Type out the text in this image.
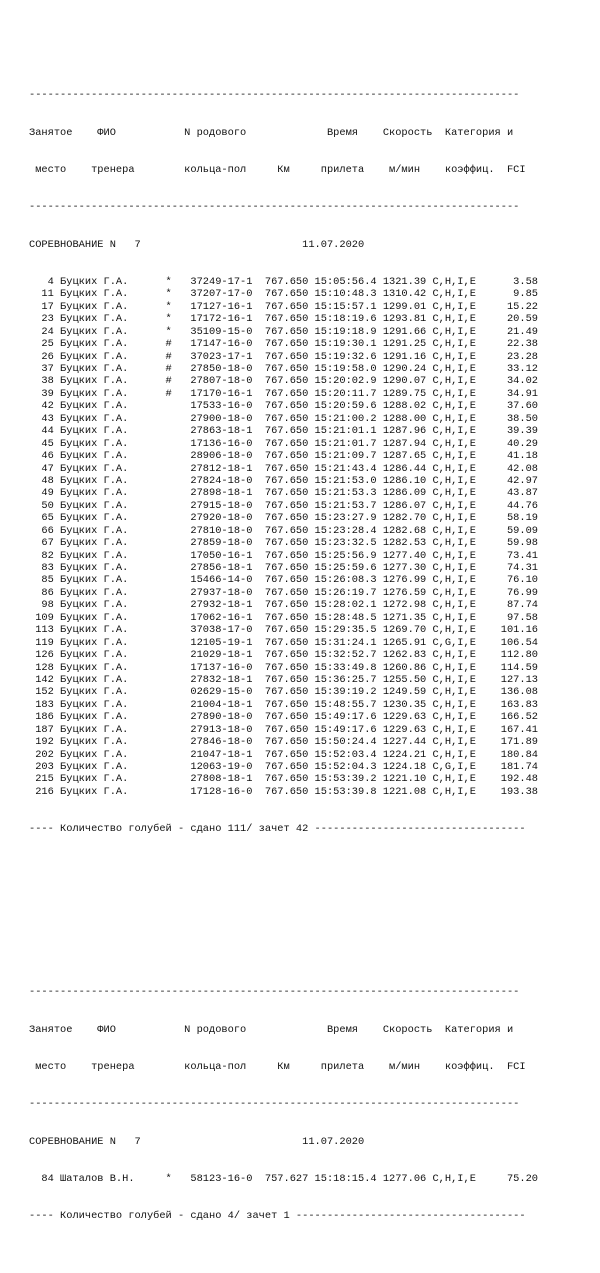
-------------------------------------------------------------------------------

Занятое    ФИО           N родового             Время    Скорость  Категория и

место    тренера        кольца-пол     Км     прилета    м/мин    коэффиц.  FCI

-------------------------------------------------------------------------------

СОРЕВНОВАНИЕ N   7                          11.07.2020

4 Буцких Г.А.      *   37249-17-1  767.650 15:05:56.4 1321.39 С,Н,I,Е      3.58
11 Буцких Г.А.      *   37207-17-0  767.650 15:10:48.3 1310.42 С,Н,I,Е      9.85
17 Буцких Г.А.      *   17127-16-1  767.650 15:15:57.1 1299.01 С,Н,I,Е     15.22
23 Буцких Г.А.      *   17172-16-1  767.650 15:18:19.6 1293.81 С,Н,I,Е     20.59
24 Буцких Г.А.      *   35109-15-0  767.650 15:19:18.9 1291.66 С,Н,I,Е     21.49
25 Буцких Г.А.      #   17147-16-0  767.650 15:19:30.1 1291.25 С,Н,I,Е     22.38
26 Буцких Г.А.      #   37023-17-1  767.650 15:19:32.6 1291.16 С,Н,I,Е     23.28
37 Буцких Г.А.      #   27850-18-0  767.650 15:19:58.0 1290.24 С,Н,I,Е     33.12
38 Буцких Г.А.      #   27807-18-0  767.650 15:20:02.9 1290.07 С,Н,I,Е     34.02
39 Буцких Г.А.      #   17170-16-1  767.650 15:20:11.7 1289.75 С,Н,I,Е     34.91
42 Буцких Г.А.          17533-16-0  767.650 15:20:59.6 1288.02 С,Н,I,Е     37.60
43 Буцких Г.А.          27900-18-0  767.650 15:21:00.2 1288.00 С,Н,I,Е     38.50
44 Буцких Г.А.          27863-18-1  767.650 15:21:01.1 1287.96 С,Н,I,Е     39.39
45 Буцких Г.А.          17136-16-0  767.650 15:21:01.7 1287.94 С,Н,I,Е     40.29
46 Буцких Г.А.          28906-18-0  767.650 15:21:09.7 1287.65 С,Н,I,Е     41.18
47 Буцких Г.А.          27812-18-1  767.650 15:21:43.4 1286.44 С,Н,I,Е     42.08
48 Буцких Г.А.          27824-18-0  767.650 15:21:53.0 1286.10 С,Н,I,Е     42.97
49 Буцких Г.А.          27898-18-1  767.650 15:21:53.3 1286.09 С,Н,I,Е     43.87
50 Буцких Г.А.          27915-18-0  767.650 15:21:53.7 1286.07 С,Н,I,Е     44.76
65 Буцких Г.А.          27920-18-0  767.650 15:23:27.9 1282.70 С,Н,I,Е     58.19
66 Буцких Г.А.          27810-18-0  767.650 15:23:28.4 1282.68 С,Н,I,Е     59.09
67 Буцких Г.А.          27859-18-0  767.650 15:23:32.5 1282.53 С,Н,I,Е     59.98
82 Буцких Г.А.          17050-16-1  767.650 15:25:56.9 1277.40 С,Н,I,Е     73.41
83 Буцких Г.А.          27856-18-1  767.650 15:25:59.6 1277.30 С,Н,I,Е     74.31
85 Буцких Г.А.          15466-14-0  767.650 15:26:08.3 1276.99 С,Н,I,Е     76.10
86 Буцких Г.А.          27937-18-0  767.650 15:26:19.7 1276.59 С,Н,I,Е     76.99
98 Буцких Г.А.          27932-18-1  767.650 15:28:02.1 1272.98 С,Н,I,Е     87.74
109 Буцких Г.А.          17062-16-1  767.650 15:28:48.5 1271.35 С,Н,I,Е     97.58
113 Буцких Г.А.          37038-17-0  767.650 15:29:35.5 1269.70 С,Н,I,Е    101.16
119 Буцких Г.А.          12105-19-1  767.650 15:31:24.1 1265.91 С,G,I,Е    106.54
126 Буцких Г.А.          21029-18-1  767.650 15:32:52.7 1262.83 С,Н,I,Е    112.80
128 Буцких Г.А.          17137-16-0  767.650 15:33:49.8 1260.86 С,Н,I,Е    114.59
142 Буцких Г.А.          27832-18-1  767.650 15:36:25.7 1255.50 С,Н,I,Е    127.13
152 Буцких Г.А.          02629-15-0  767.650 15:39:19.2 1249.59 С,Н,I,Е    136.08
183 Буцких Г.А.          21004-18-1  767.650 15:48:55.7 1230.35 С,Н,I,Е    163.83
186 Буцких Г.А.          27890-18-0  767.650 15:49:17.6 1229.63 С,Н,I,Е    166.52
187 Буцких Г.А.          27913-18-0  767.650 15:49:17.6 1229.63 С,Н,I,Е    167.41
192 Буцких Г.А.          27846-18-0  767.650 15:50:24.4 1227.44 С,Н,I,Е    171.89
202 Буцких Г.А.          21047-18-1  767.650 15:52:03.4 1224.21 С,Н,I,Е    180.84
203 Буцких Г.А.          12063-19-0  767.650 15:52:04.3 1224.18 С,G,I,Е    181.74
215 Буцких Г.А.          27808-18-1  767.650 15:53:39.2 1221.10 С,Н,I,Е    192.48
216 Буцких Г.А.          17128-16-0  767.650 15:53:39.8 1221.08 С,Н,I,Е    193.38

---- Количество голубей - сдано 111/ зачет 42 ----------------------------------

-------------------------------------------------------------------------------

Занятое    ФИО           N родового             Время    Скорость  Категория и

место    тренера        кольца-пол     Км     прилета    м/мин    коэффиц.  FCI

-------------------------------------------------------------------------------

СОРЕВНОВАНИЕ N   7                          11.07.2020

84 Шаталов В.Н.     *   58123-16-0  757.627 15:18:15.4 1277.06 С,Н,I,Е     75.20

---- Количество голубей - сдано 4/ зачет 1 -------------------------------------
